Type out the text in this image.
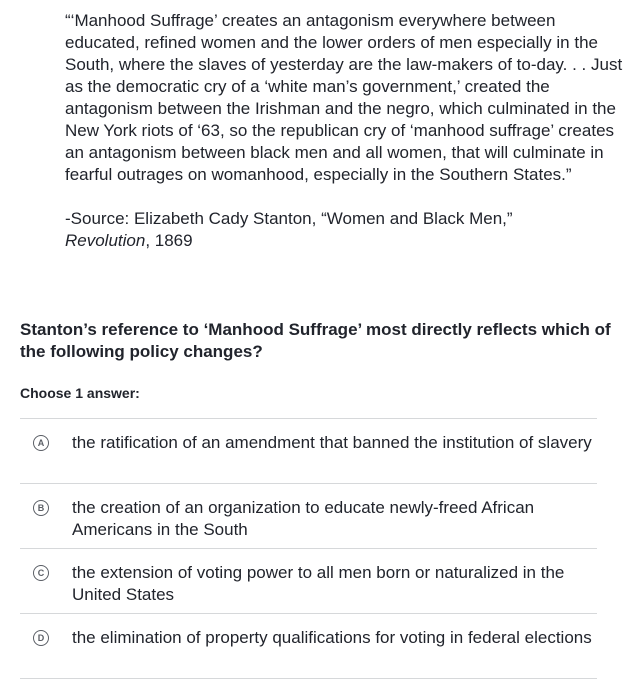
“‘Manhood Suffrage’ creates an antagonism everywhere between educated, refined women and the lower orders of men especially in the South, where the slaves of yesterday are the law-makers of to-day. . . Just as the democratic cry of a ‘white man’s government,’ created the antagonism between the Irishman and the negro, which culminated in the New York riots of ‘63, so the republican cry of ‘manhood suffrage’ creates an antagonism between black men and all women, that will culminate in fearful outrages on womanhood, especially in the Southern States.”

-Source: Elizabeth Cady Stanton, “Women and Black Men,”
Revolution, 1869

Stanton’s reference to ‘Manhood Suffrage’ most directly reflects which of the following policy changes?

Choose 1 answer:

A the ratification of an amendment that banned the institution of slavery
B the creation of an organization to educate newly-freed African Americans in the South
C the extension of voting power to all men born or naturalized in the United States
D the elimination of property qualifications for voting in federal elections
